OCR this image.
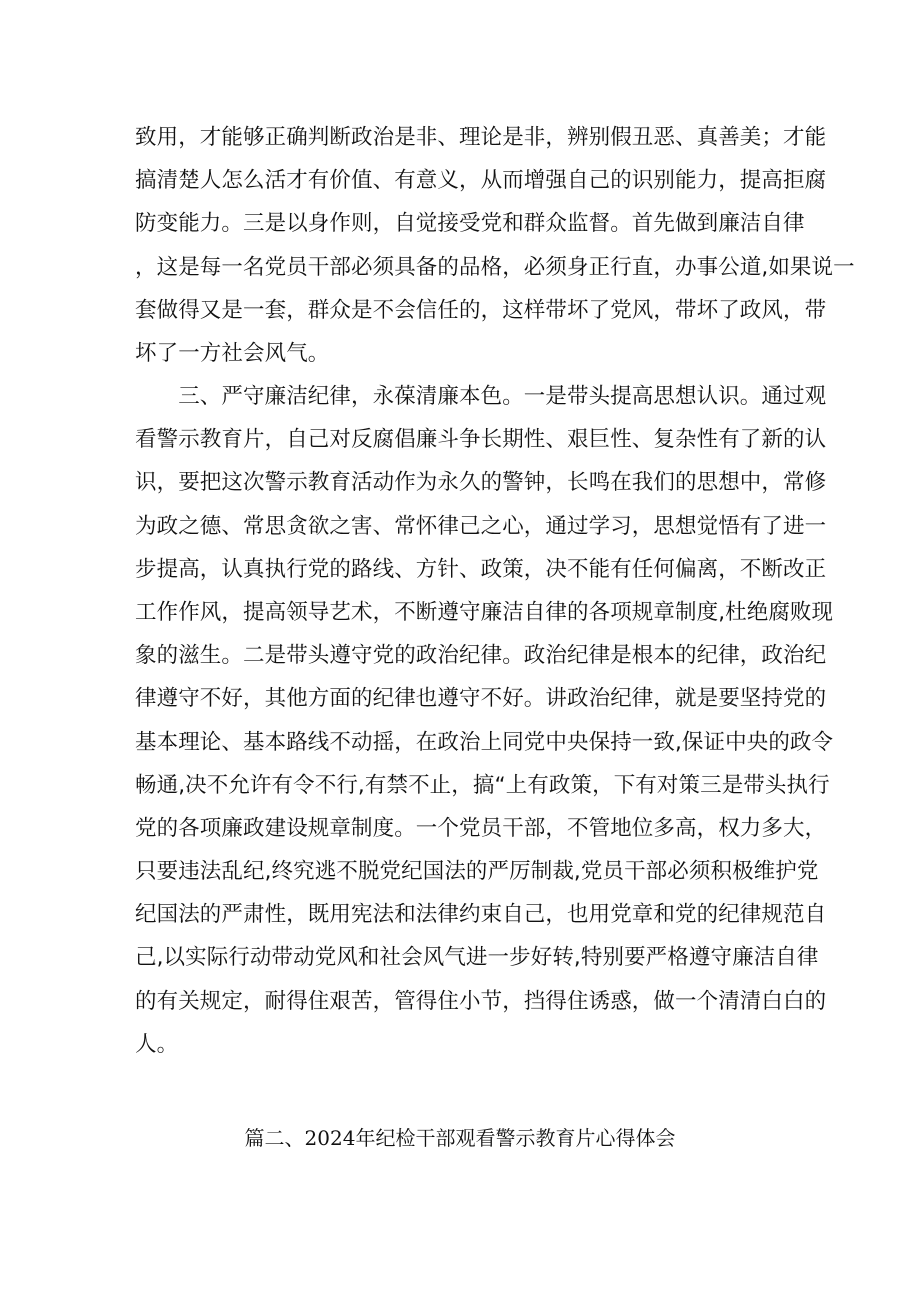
致用，才能够正确判断政治是非、理论是非，辨别假丑恶、真善美；才能
搞清楚人怎么活才有价值、有意义，从而增强自己的识别能力，提高拒腐
防变能力。三是以身作则，自觉接受党和群众监督。首先做到廉洁自律
，这是每一名党员干部必须具备的品格，必须身正行直，办事公道,如果说一
套做得又是一套，群众是不会信任的，这样带坏了党风，带坏了政风，带
坏了一方社会风气。
　　三、严守廉洁纪律，永葆清廉本色。一是带头提高思想认识。通过观
看警示教育片，自己对反腐倡廉斗争长期性、艰巨性、复杂性有了新的认
识，要把这次警示教育活动作为永久的警钟，长鸣在我们的思想中，常修
为政之德、常思贪欲之害、常怀律己之心，通过学习，思想觉悟有了进一
步提高，认真执行党的路线、方针、政策，决不能有任何偏离，不断改正
工作作风，提高领导艺术，不断遵守廉洁自律的各项规章制度,杜绝腐败现
象的滋生。二是带头遵守党的政治纪律。政治纪律是根本的纪律，政治纪
律遵守不好，其他方面的纪律也遵守不好。讲政治纪律，就是要坚持党的
基本理论、基本路线不动摇，在政治上同党中央保持一致,保证中央的政令
畅通,决不允许有令不行,有禁不止，搞“上有政策，下有对策三是带头执行
党的各项廉政建设规章制度。一个党员干部，不管地位多高，权力多大，
只要违法乱纪,终究逃不脱党纪国法的严厉制裁,党员干部必须积极维护党
纪国法的严肃性，既用宪法和法律约束自己，也用党章和党的纪律规范自
己,以实际行动带动党风和社会风气进一步好转,特别要严格遵守廉洁自律
的有关规定，耐得住艰苦，管得住小节，挡得住诱惑，做一个清清白白的
人。
篇二、2024年纪检干部观看警示教育片心得体会
